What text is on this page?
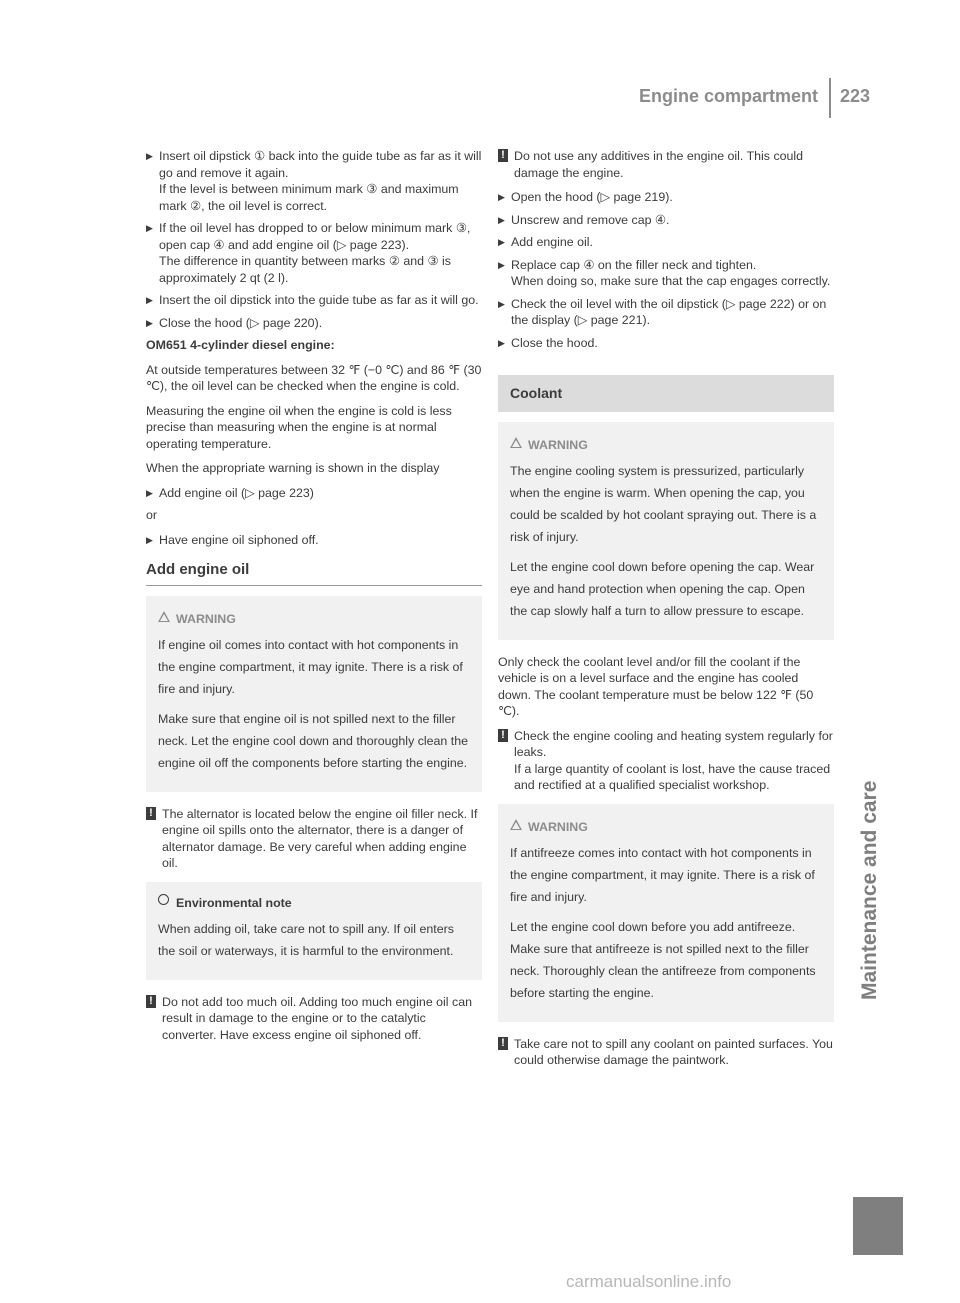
Engine compartment 223
Maintenance and care
▶ Insert oil dipstick ① back into the guide tube as far as it will go and remove it again.
If the level is between minimum mark ③ and maximum mark ②, the oil level is correct.
▶ If the oil level has dropped to or below minimum mark ③, open cap ④ and add engine oil (▷ page 223).
The difference in quantity between marks ② and ③ is approximately 2 qt (2 l).
▶ Insert the oil dipstick into the guide tube as far as it will go.
▶ Close the hood (▷ page 220).

OM651 4-cylinder diesel engine:

At outside temperatures between 32 ℉ (−0 ℃) and 86 ℉ (30 ℃), the oil level can be checked when the engine is cold.

Measuring the engine oil when the engine is cold is less precise than measuring when the engine is at normal operating temperature.

When the appropriate warning is shown in the display

▶ Add engine oil (▷ page 223)

or

▶ Have engine oil siphoned off.
Add engine oil
WARNING

If engine oil comes into contact with hot components in the engine compartment, it may ignite. There is a risk of fire and injury.

Make sure that engine oil is not spilled next to the filler neck. Let the engine cool down and thoroughly clean the engine oil off the components before starting the engine.

! The alternator is located below the engine oil filler neck. If engine oil spills onto the alternator, there is a danger of alternator damage. Be very careful when adding engine oil.
Environmental note

When adding oil, take care not to spill any. If oil enters the soil or waterways, it is harmful to the environment.

! Do not add too much oil. Adding too much engine oil can result in damage to the engine or to the catalytic converter. Have excess engine oil siphoned off.
! Do not use any additives in the engine oil. This could damage the engine.
▶ Open the hood (▷ page 219).
▶ Unscrew and remove cap ④.
▶ Add engine oil.
▶ Replace cap ④ on the filler neck and tighten.
When doing so, make sure that the cap engages correctly.
▶ Check the oil level with the oil dipstick (▷ page 222) or on the display (▷ page 221).
▶ Close the hood.
Coolant
WARNING

The engine cooling system is pressurized, particularly when the engine is warm. When opening the cap, you could be scalded by hot coolant spraying out. There is a risk of injury.

Let the engine cool down before opening the cap. Wear eye and hand protection when opening the cap. Open the cap slowly half a turn to allow pressure to escape.

Only check the coolant level and/or fill the coolant if the vehicle is on a level surface and the engine has cooled down. The coolant temperature must be below 122 ℉ (50 ℃).

! Check the engine cooling and heating system regularly for leaks.
If a large quantity of coolant is lost, have the cause traced and rectified at a qualified specialist workshop.
WARNING

If antifreeze comes into contact with hot components in the engine compartment, it may ignite. There is a risk of fire and injury.

Let the engine cool down before you add antifreeze. Make sure that antifreeze is not spilled next to the filler neck. Thoroughly clean the antifreeze from components before starting the engine.

! Take care not to spill any coolant on painted surfaces. You could otherwise damage the paintwork.
carmanualsonline.info
